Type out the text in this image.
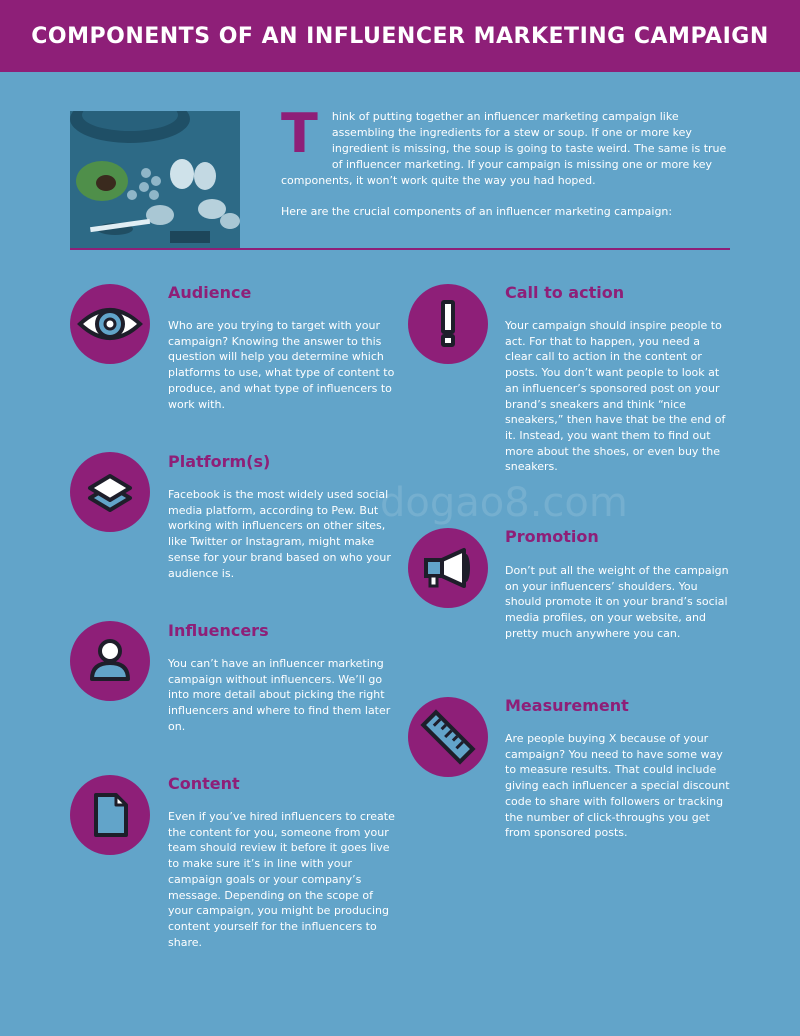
COMPONENTS OF AN INFLUENCER MARKETING CAMPAIGN
T	hink of putting together an influencer marketing campaign like assembling the ingredients for a stew or soup. If one or more key ingredient is missing, the soup is going to taste weird. The same is true of influencer marketing. If your campaign is missing one or more key components, it won’t work quite the way you had hoped.

Here are the crucial components of an influencer marketing campaign:

dogao8.com
Audience

Who are you trying to target with your campaign? Knowing the answer to this question will help you determine which platforms to use, what type of content to produce, and what type of influencers to work with.

Platform(s)

Facebook is the most widely used social media platform, according to Pew. But working with influencers on other sites, like Twitter or Instagram, might make sense for your brand based on who your audience is.

Influencers

You can’t have an influencer marketing campaign without influencers. We’ll go into more detail about picking the right influencers and where to find them later on.

Content

Even if you’ve hired influencers to create the content for you, someone from your team should review it before it goes live to make sure it’s in line with your campaign goals or your company’s message. Depending on the scope of your campaign, you might be producing content yourself for the influencers to share.

Call to action

Your campaign should inspire people to act. For that to happen, you need a clear call to action in the content or posts. You don’t want people to look at an influencer’s sponsored post on your brand’s sneakers and think “nice sneakers,” then have that be the end of it. Instead, you want them to find out more about the shoes, or even buy the sneakers.

Promotion

Don’t put all the weight of the campaign on your influencers’ shoulders. You should promote it on your brand’s social media profiles, on your website, and pretty much anywhere you can.

Measurement

Are people buying X because of your campaign? You need to have some way to measure results. That could include giving each influencer a special discount code to share with followers or tracking the number of click-throughs you get from sponsored posts.
